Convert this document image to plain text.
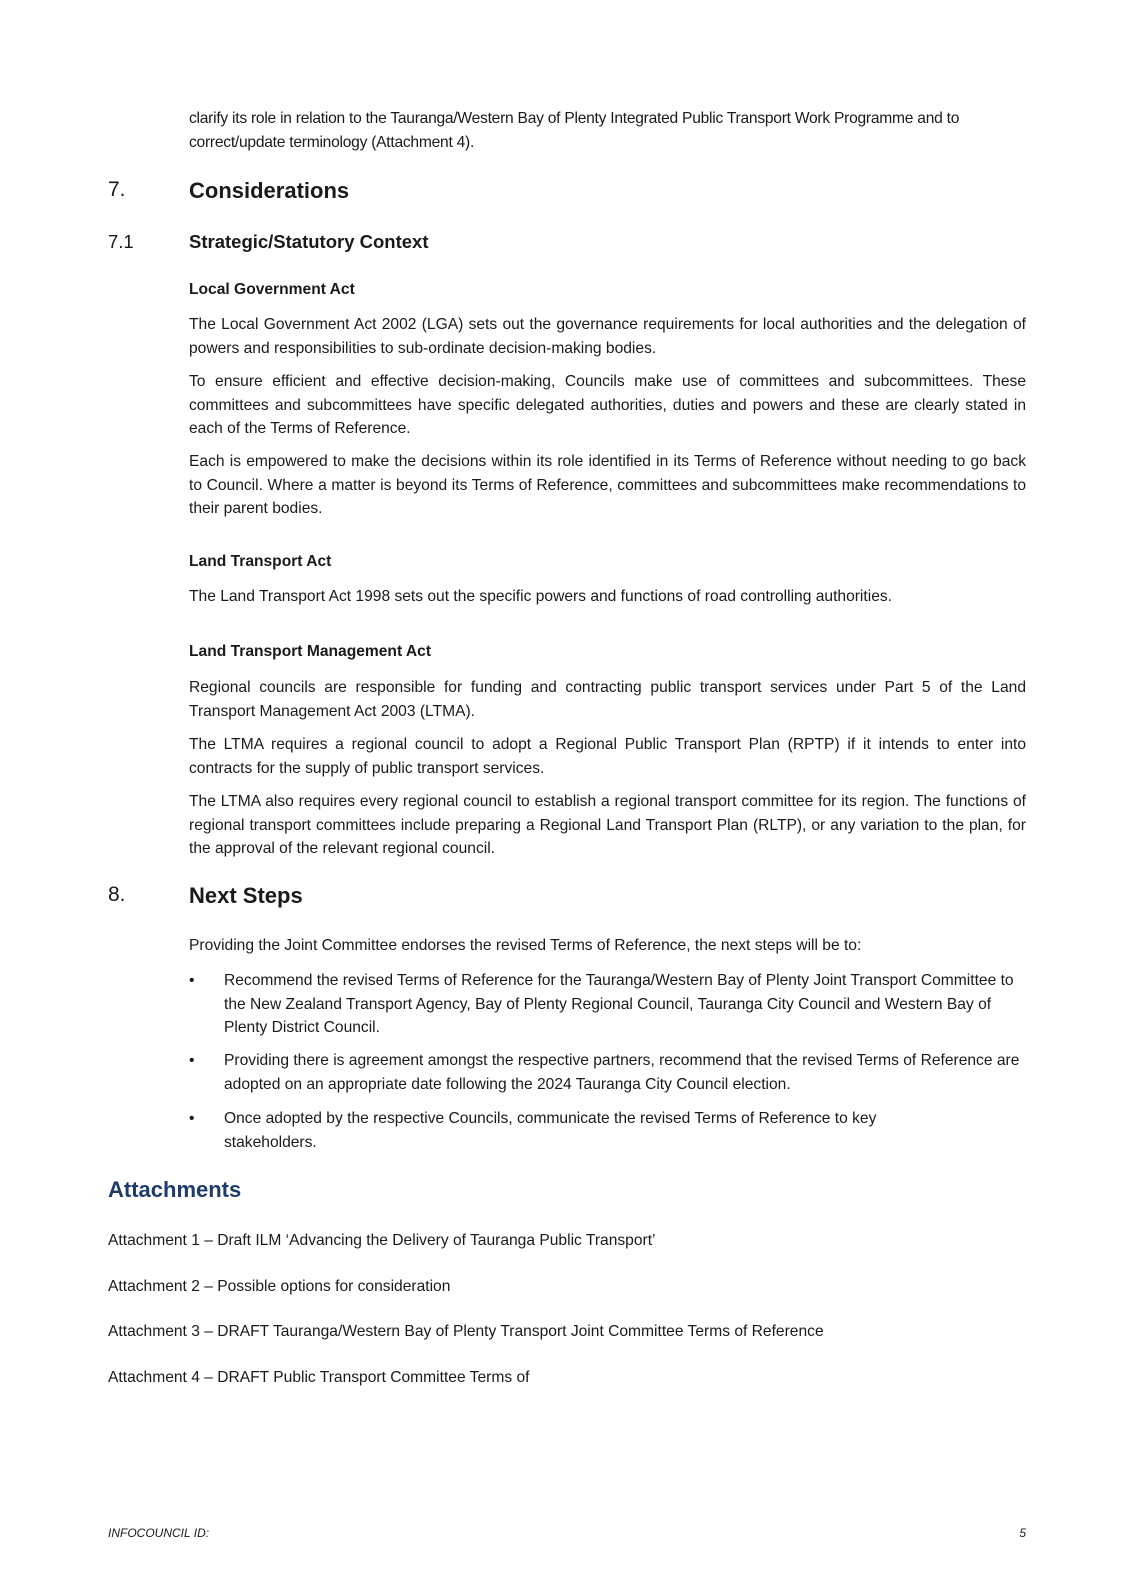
clarify its role in relation to the Tauranga/Western Bay of Plenty Integrated Public Transport Work Programme and to correct/update terminology (Attachment 4).

7.	Considerations
7.1	Strategic/Statutory Context
Local Government Act

The Local Government Act 2002 (LGA) sets out the governance requirements for local authorities and the delegation of powers and responsibilities to sub-ordinate decision-making bodies.

To ensure efficient and effective decision-making, Councils make use of committees and subcommittees. These committees and subcommittees have specific delegated authorities, duties and powers and these are clearly stated in each of the Terms of Reference.

Each is empowered to make the decisions within its role identified in its Terms of Reference without needing to go back to Council. Where a matter is beyond its Terms of Reference, committees and subcommittees make recommendations to their parent bodies.

Land Transport Act

The Land Transport Act 1998 sets out the specific powers and functions of road controlling authorities.

Land Transport Management Act

Regional councils are responsible for funding and contracting public transport services under Part 5 of the Land Transport Management Act 2003 (LTMA).

The LTMA requires a regional council to adopt a Regional Public Transport Plan (RPTP) if it intends to enter into contracts for the supply of public transport services.

The LTMA also requires every regional council to establish a regional transport committee for its region. The functions of regional transport committees include preparing a Regional Land Transport Plan (RLTP), or any variation to the plan, for the approval of the relevant regional council.

8.	Next Steps

Providing the Joint Committee endorses the revised Terms of Reference, the next steps will be to:

• Recommend the revised Terms of Reference for the Tauranga/Western Bay of Plenty Joint Transport Committee to the New Zealand Transport Agency, Bay of Plenty Regional Council, Tauranga City Council and Western Bay of Plenty District Council.

• Providing there is agreement amongst the respective partners, recommend that the revised Terms of Reference are adopted on an appropriate date following the 2024 Tauranga City Council election.

• Once adopted by the respective Councils, communicate the revised Terms of Reference to key stakeholders.

Attachments

Attachment 1 – Draft ILM ‘Advancing the Delivery of Tauranga Public Transport’

Attachment 2 – Possible options for consideration

Attachment 3 – DRAFT Tauranga/Western Bay of Plenty Transport Joint Committee Terms of Reference

Attachment 4 – DRAFT Public Transport Committee Terms of

INFOCOUNCIL ID:	5
